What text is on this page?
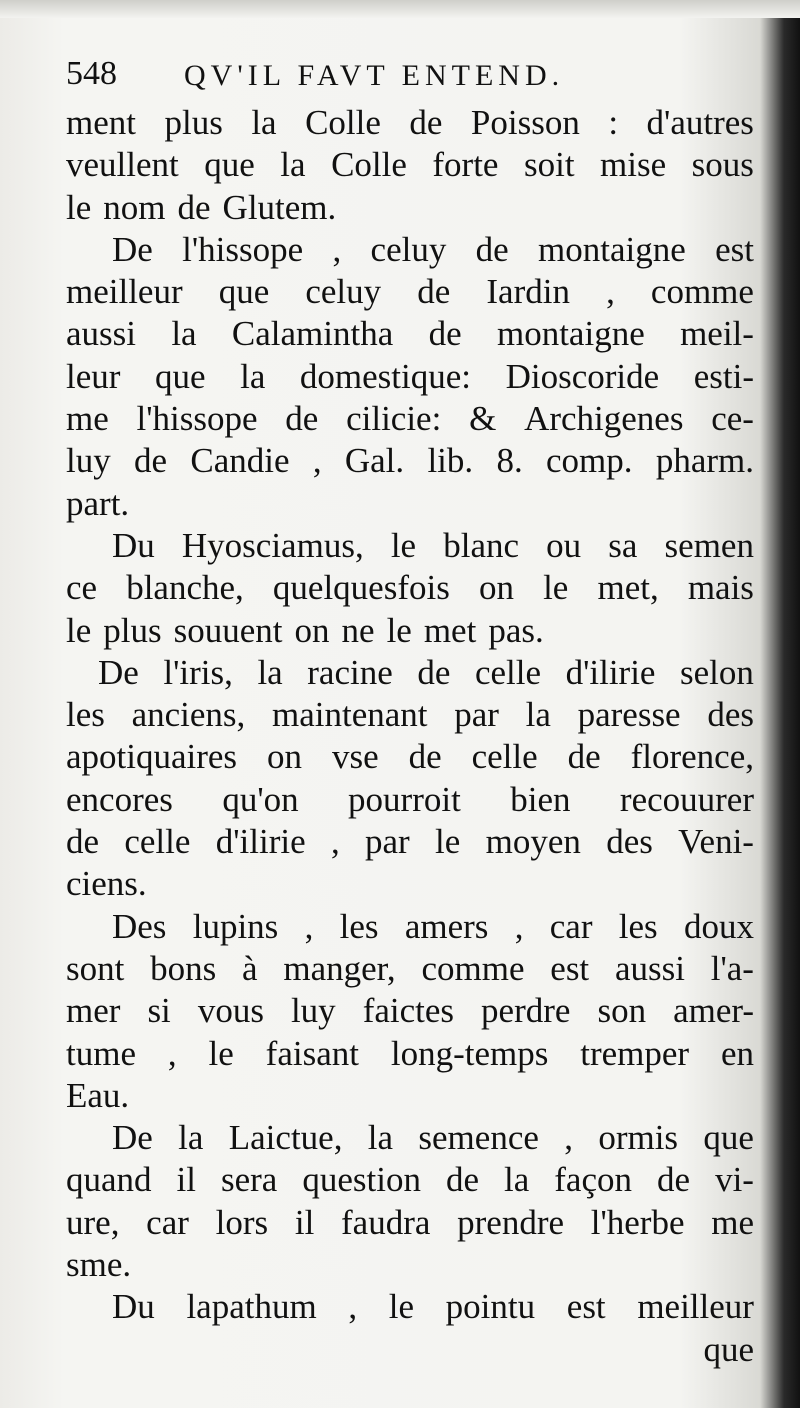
548 QV'IL FAVT ENTEND.
ment plus la Colle de Poisson : d'autres
veullent que la Colle forte soit mise sous
le nom de Glutem.
De l'hissope , celuy de montaigne est
meilleur que celuy de Iardin , comme
aussi la Calamintha de montaigne meil-
leur que la domestique: Dioscoride esti-
me l'hissope de cilicie: & Archigenes ce-
luy de Candie , Gal. lib. 8. comp. pharm.
part.
Du Hyosciamus, le blanc ou sa semen
ce blanche, quelquesfois on le met, mais
le plus souuent on ne le met pas.
De l'iris, la racine de celle d'ilirie selon
les anciens, maintenant par la paresse des
apotiquaires on vse de celle de florence,
encores qu'on pourroit bien recouurer
de celle d'ilirie , par le moyen des Veni-
ciens.
Des lupins , les amers , car les doux
sont bons à manger, comme est aussi l'a-
mer si vous luy faictes perdre son amer-
tume , le faisant long-temps tremper en
Eau.
De la Laictue, la semence , ormis que
quand il sera question de la façon de vi-
ure, car lors il faudra prendre l'herbe me
sme.
Du lapathum , le pointu est meilleur
que
